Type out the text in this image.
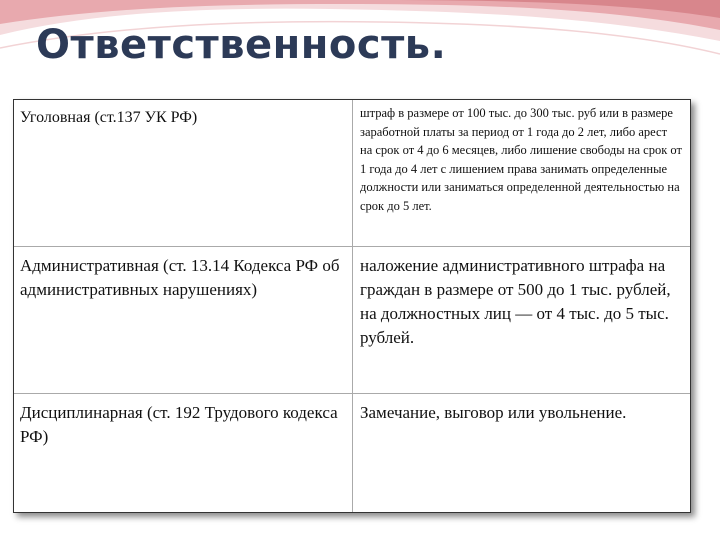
Ответственность.
Уголовная (ст.137 УК РФ)	штраф в размере от 100 тыс. до 300 тыс. руб или в размере заработной платы за период от 1 года до 2 лет, либо арест на срок от 4 до 6 месяцев, либо лишение свободы на срок от 1 года до 4 лет с лишением права занимать определенные должности или заниматься определенной деятельностью на срок до 5 лет.
Административная (ст. 13.14 Кодекса РФ об административных нарушениях)
наложение административного штрафа на граждан в размере от 500 до 1 тыс. рублей, на должностных лиц — от 4 тыс. до 5 тыс. рублей.
Дисциплинарная (ст. 192 Трудового кодекса РФ)
Замечание, выговор или увольнение.
